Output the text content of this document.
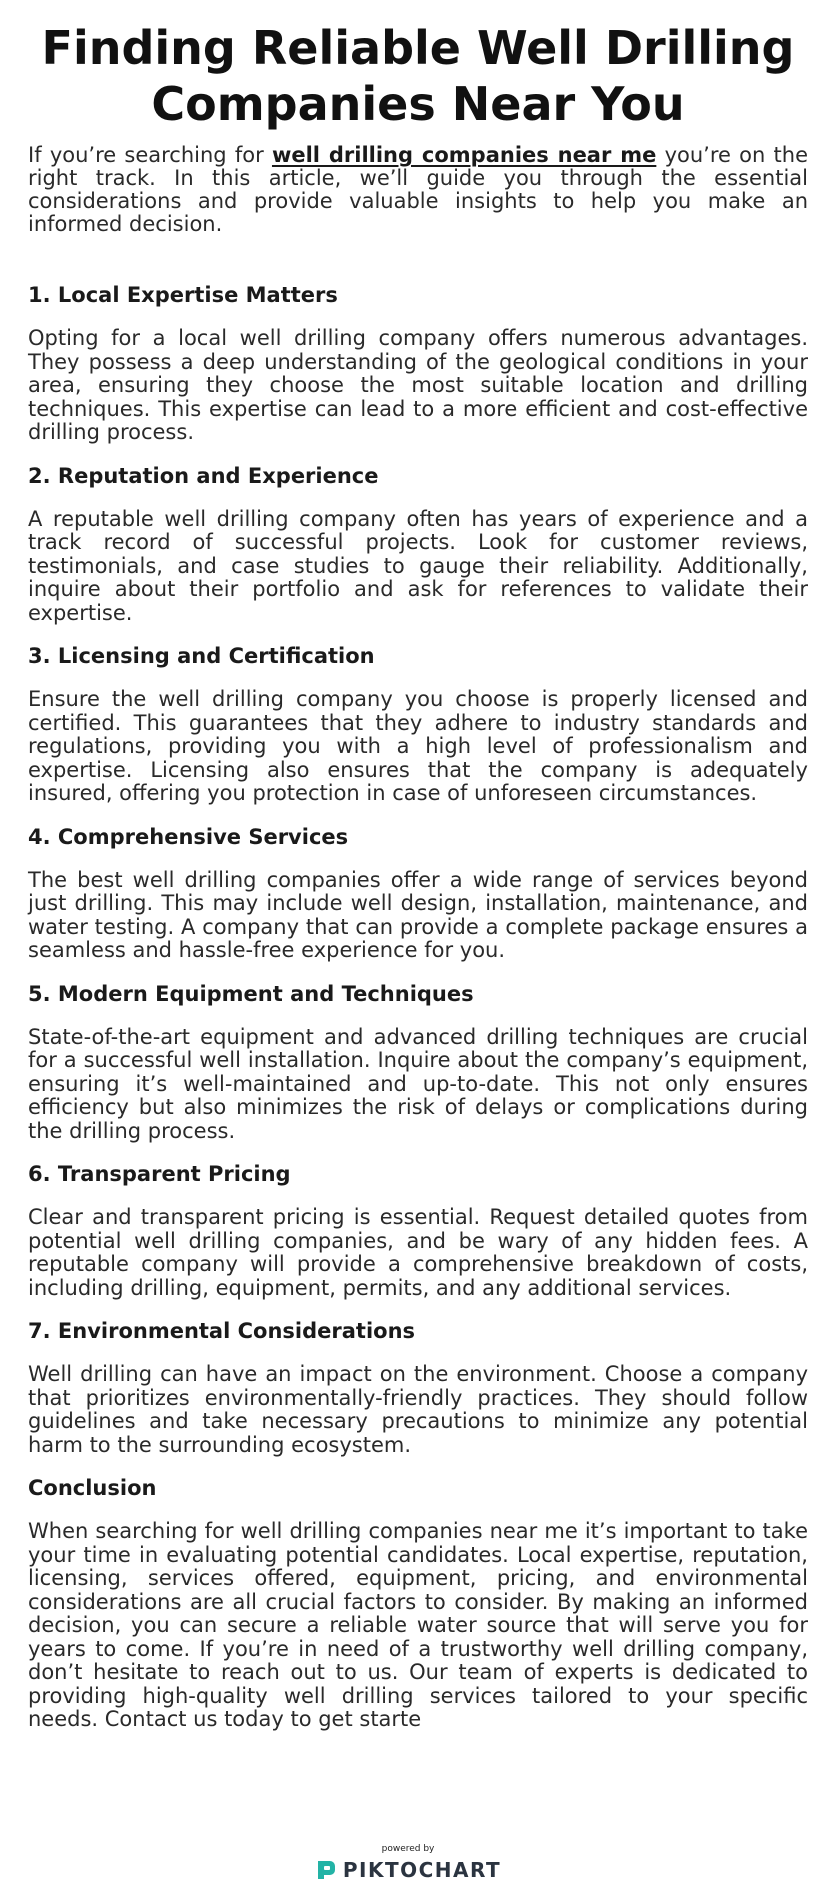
Finding Reliable Well Drilling Companies Near You

If you’re searching for well drilling companies near me you’re on the right track. In this article, we’ll guide you through the essential considerations and provide valuable insights to help you make an informed decision.

1. Local Expertise Matters

Opting for a local well drilling company offers numerous advantages. They possess a deep understanding of the geological conditions in your area, ensuring they choose the most suitable location and drilling techniques. This expertise can lead to a more efficient and cost-effective drilling process.

2. Reputation and Experience

A reputable well drilling company often has years of experience and a track record of successful projects. Look for customer reviews, testimonials, and case studies to gauge their reliability. Additionally, inquire about their portfolio and ask for references to validate their expertise.

3. Licensing and Certification

Ensure the well drilling company you choose is properly licensed and certified. This guarantees that they adhere to industry standards and regulations, providing you with a high level of professionalism and expertise. Licensing also ensures that the company is adequately insured, offering you protection in case of unforeseen circumstances.

4. Comprehensive Services

The best well drilling companies offer a wide range of services beyond just drilling. This may include well design, installation, maintenance, and water testing. A company that can provide a complete package ensures a seamless and hassle-free experience for you.

5. Modern Equipment and Techniques

State-of-the-art equipment and advanced drilling techniques are crucial for a successful well installation. Inquire about the company’s equipment, ensuring it’s well-maintained and up-to-date. This not only ensures efficiency but also minimizes the risk of delays or complications during the drilling process.

6. Transparent Pricing

Clear and transparent pricing is essential. Request detailed quotes from potential well drilling companies, and be wary of any hidden fees. A reputable company will provide a comprehensive breakdown of costs, including drilling, equipment, permits, and any additional services.

7. Environmental Considerations

Well drilling can have an impact on the environment. Choose a company that prioritizes environmentally-friendly practices. They should follow guidelines and take necessary precautions to minimize any potential harm to the surrounding ecosystem.

Conclusion

When searching for well drilling companies near me it’s important to take your time in evaluating potential candidates. Local expertise, reputation, licensing, services offered, equipment, pricing, and environmental considerations are all crucial factors to consider. By making an informed decision, you can secure a reliable water source that will serve you for years to come. If you’re in need of a trustworthy well drilling company, don’t hesitate to reach out to us. Our team of experts is dedicated to providing high-quality well drilling services tailored to your specific needs. Contact us today to get starte

powered by
PIKTOCHART
